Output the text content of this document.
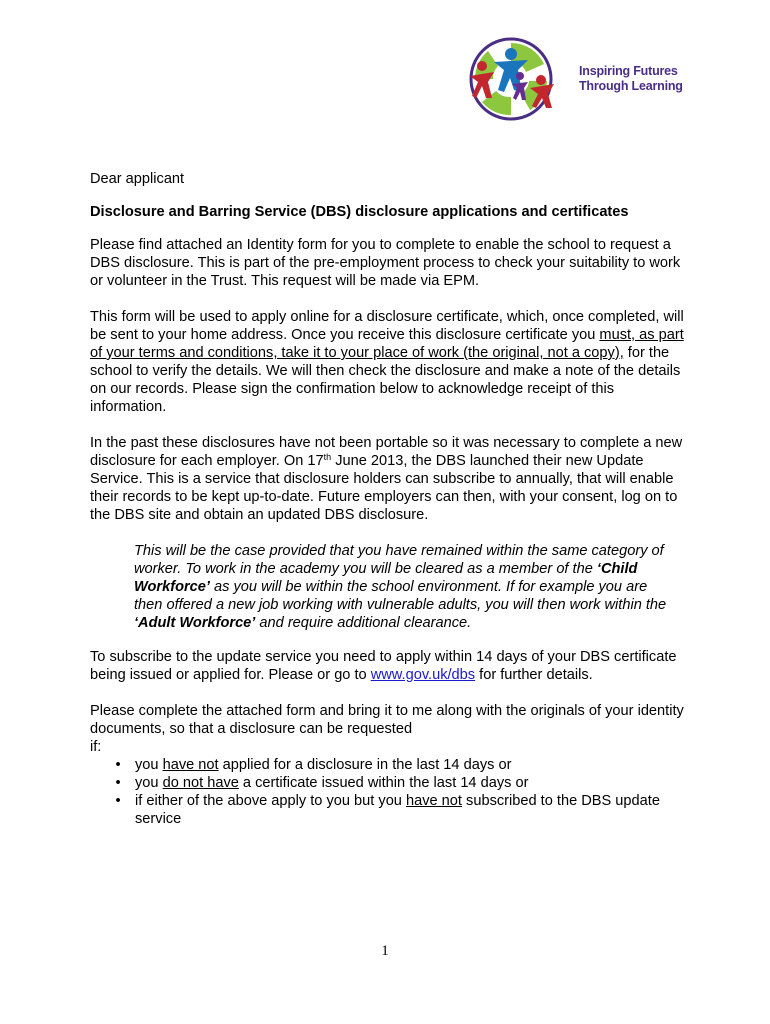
Inspiring Futures
Through Learning

Dear applicant

Disclosure and Barring Service (DBS) disclosure applications and certificates

Please find attached an Identity form for you to complete to enable the school to request a DBS disclosure. This is part of the pre-employment process to check your suitability to work or volunteer in the Trust. This request will be made via EPM.

This form will be used to apply online for a disclosure certificate, which, once completed, will be sent to your home address. Once you receive this disclosure certificate you must, as part of your terms and conditions, take it to your place of work (the original, not a copy), for the school to verify the details. We will then check the disclosure and make a note of the details on our records. Please sign the confirmation below to acknowledge receipt of this information.

In the past these disclosures have not been portable so it was necessary to complete a new disclosure for each employer. On 17th June 2013, the DBS launched their new Update Service. This is a service that disclosure holders can subscribe to annually, that will enable their records to be kept up-to-date. Future employers can then, with your consent, log on to the DBS site and obtain an updated DBS disclosure.

This will be the case provided that you have remained within the same category of worker. To work in the academy you will be cleared as a member of the ‘Child Workforce’ as you will be within the school environment. If for example you are then offered a new job working with vulnerable adults, you will then work within the ‘Adult Workforce’ and require additional clearance.

To subscribe to the update service you need to apply within 14 days of your DBS certificate being issued or applied for. Please or go to www.gov.uk/dbs for further details.

Please complete the attached form and bring it to me along with the originals of your identity documents, so that a disclosure can be requested
if:

• you have not applied for a disclosure in the last 14 days or
• you do not have a certificate issued within the last 14 days or
• if either of the above apply to you but you have not subscribed to the DBS update service
1
